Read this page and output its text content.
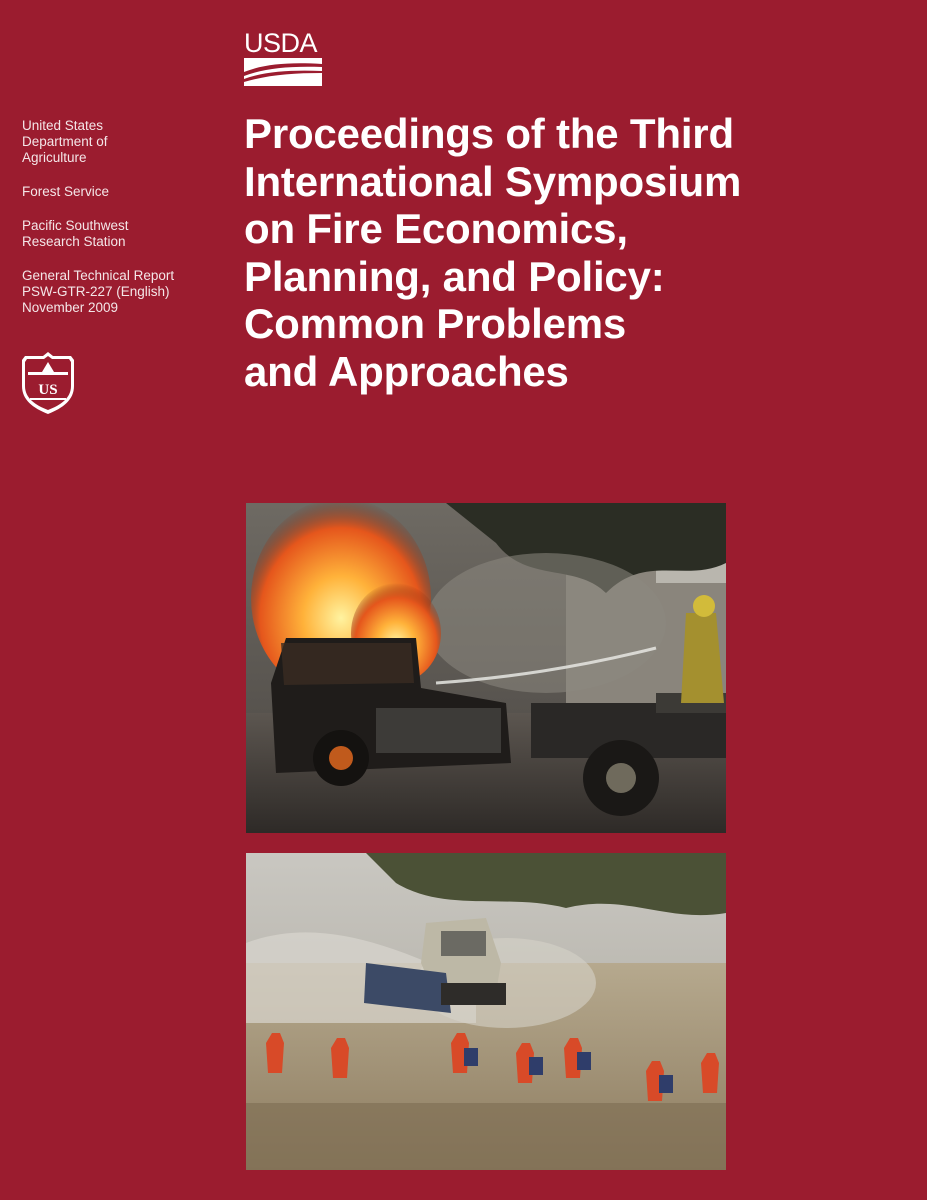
USDA

United States
Department of
Agriculture

Forest Service

Pacific Southwest
Research Station

General Technical Report
PSW-GTR-227 (English)
November 2009

US
Proceedings of the Third
International Symposium
on Fire Economics,
Planning, and Policy:
Common Problems
and Approaches
